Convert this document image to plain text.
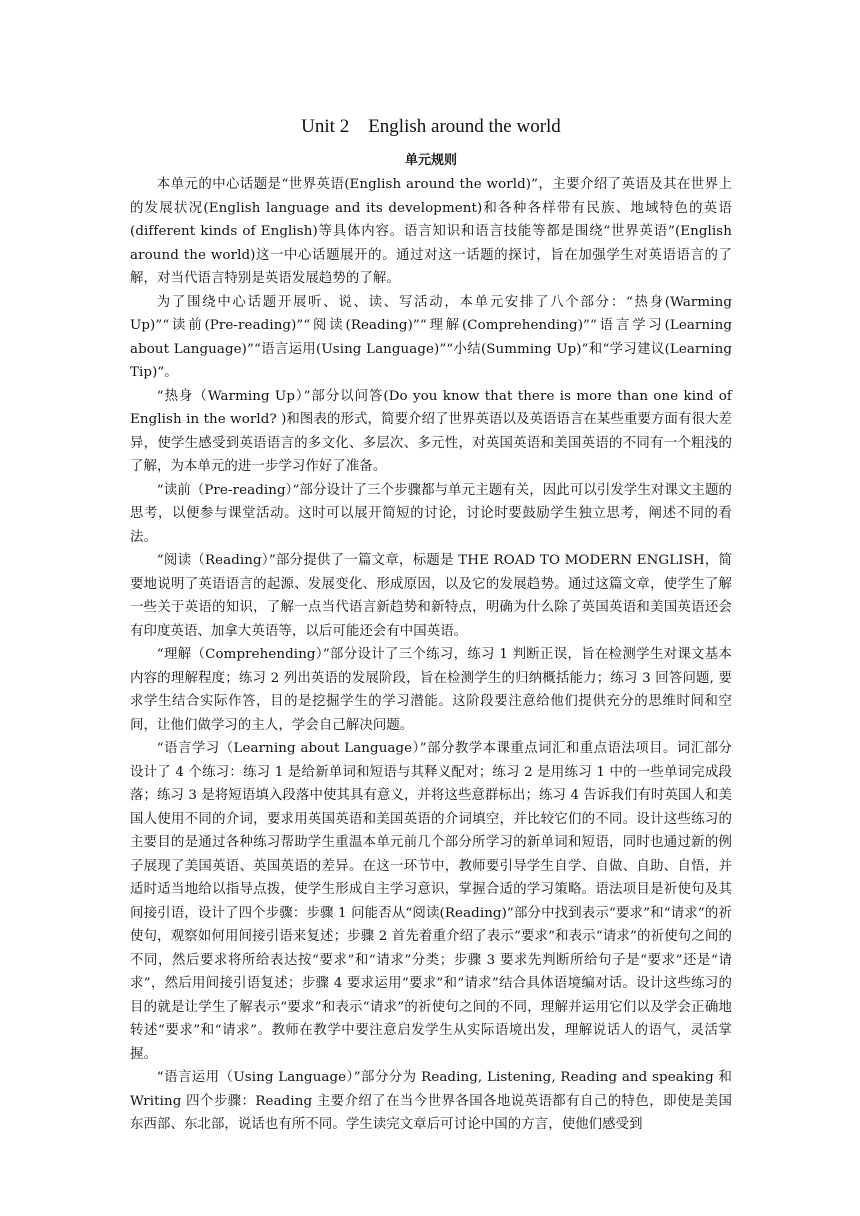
Unit 2    English around the world
单元规则

本单元的中心话题是“世界英语(English around the world)”，主要介绍了英语及其在世界上的发展状况(English language and its development)和各种各样带有民族、地域特色的英语(different kinds of English)等具体内容。语言知识和语言技能等都是围绕“世界英语”(English around the world)这一中心话题展开的。通过对这一话题的探讨，旨在加强学生对英语语言的了解，对当代语言特别是英语发展趋势的了解。

为了围绕中心话题开展听、说、读、写活动，本单元安排了八个部分：“热身(Warming Up)”“读前(Pre-reading)”“阅读(Reading)”“理解(Comprehending)”“语言学习(Learning about Language)”“语言运用(Using Language)”“小结(Summing Up)”和“学习建议(Learning Tip)”。

“热身（Warming Up）”部分以问答(Do you know that there is more than one kind of English in the world? )和图表的形式，简要介绍了世界英语以及英语语言在某些重要方面有很大差异，使学生感受到英语语言的多文化、多层次、多元性，对英国英语和美国英语的不同有一个粗浅的了解，为本单元的进一步学习作好了准备。

“读前（Pre-reading）”部分设计了三个步骤都与单元主题有关，因此可以引发学生对课文主题的思考，以便参与课堂活动。这时可以展开简短的讨论，讨论时要鼓励学生独立思考，阐述不同的看法。

“阅读（Reading）”部分提供了一篇文章，标题是 THE ROAD TO MODERN ENGLISH，简要地说明了英语语言的起源、发展变化、形成原因，以及它的发展趋势。通过这篇文章，使学生了解一些关于英语的知识，了解一点当代语言新趋势和新特点，明确为什么除了英国英语和美国英语还会有印度英语、加拿大英语等，以后可能还会有中国英语。

“理解（Comprehending）”部分设计了三个练习，练习 1 判断正误，旨在检测学生对课文基本内容的理解程度；练习 2 列出英语的发展阶段，旨在检测学生的归纳概括能力；练习 3 回答问题, 要求学生结合实际作答，目的是挖掘学生的学习潜能。这阶段要注意给他们提供充分的思维时间和空间，让他们做学习的主人，学会自己解决问题。

“语言学习（Learning about Language）”部分教学本课重点词汇和重点语法项目。词汇部分设计了 4 个练习：练习 1 是给新单词和短语与其释义配对；练习 2 是用练习 1 中的一些单词完成段落；练习 3 是将短语填入段落中使其具有意义，并将这些意群标出；练习 4 告诉我们有时英国人和美国人使用不同的介词，要求用英国英语和美国英语的介词填空，并比较它们的不同。设计这些练习的主要目的是通过各种练习帮助学生重温本单元前几个部分所学习的新单词和短语，同时也通过新的例子展现了美国英语、英国英语的差异。在这一环节中，教师要引导学生自学、自做、自助、自悟，并适时适当地给以指导点拨，使学生形成自主学习意识，掌握合适的学习策略。语法项目是祈使句及其间接引语，设计了四个步骤：步骤 1 问能否从“阅读(Reading)”部分中找到表示“要求”和“请求”的祈使句，观察如何用间接引语来复述；步骤 2 首先着重介绍了表示“要求”和表示“请求”的祈使句之间的不同，然后要求将所给表达按“要求”和“请求”分类；步骤 3 要求先判断所给句子是“要求”还是“请求”，然后用间接引语复述；步骤 4 要求运用“要求”和“请求”结合具体语境编对话。设计这些练习的目的就是让学生了解表示“要求”和表示“请求”的祈使句之间的不同，理解并运用它们以及学会正确地转述“要求”和“请求”。教师在教学中要注意启发学生从实际语境出发，理解说话人的语气，灵活掌握。

“语言运用（Using Language）”部分分为 Reading, Listening, Reading and speaking 和 Writing 四个步骤：Reading 主要介绍了在当今世界各国各地说英语都有自己的特色，即使是美国东西部、东北部，说话也有所不同。学生读完文章后可讨论中国的方言，使他们感受到
